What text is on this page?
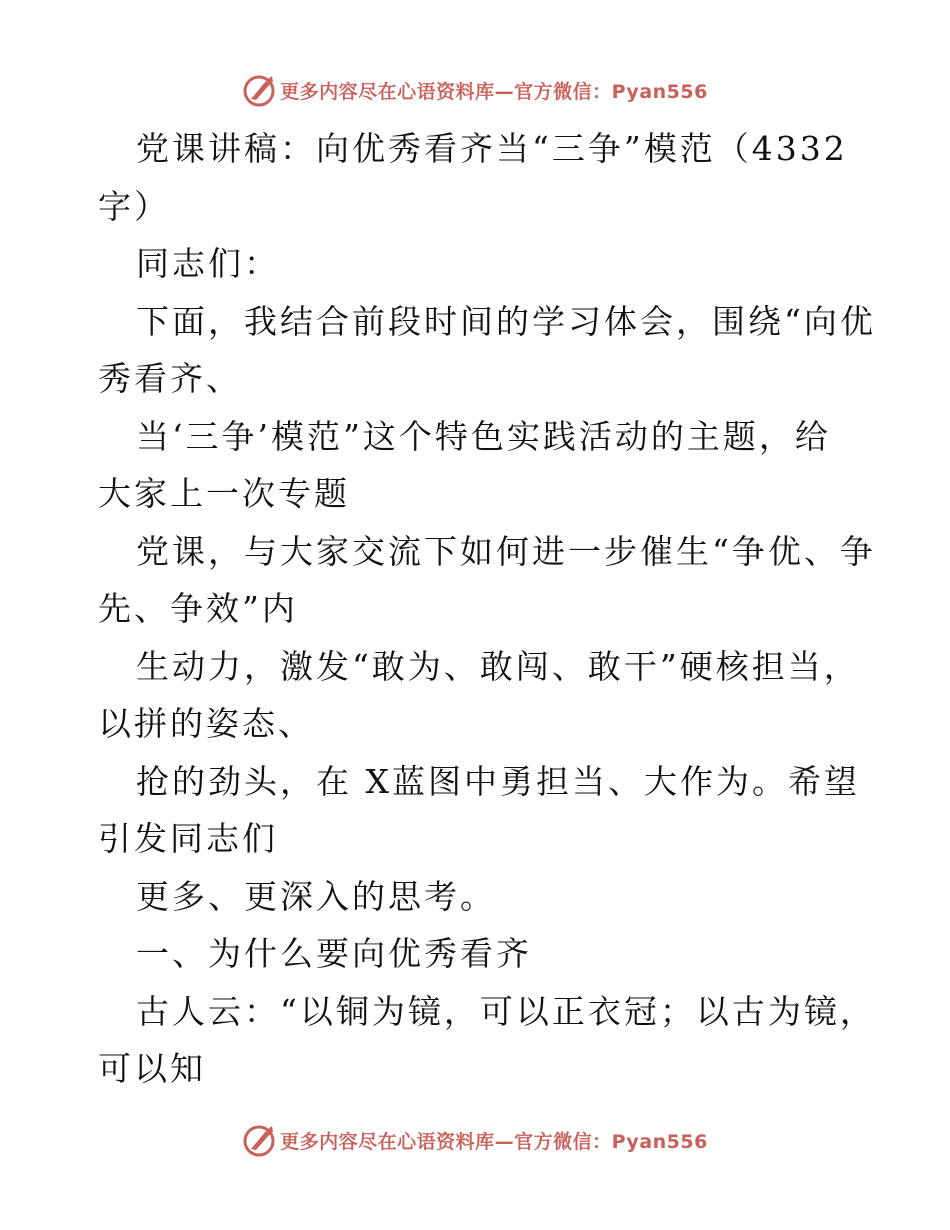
更多内容尽在心语资料库—官方微信：Pyan556
党课讲稿：向优秀看齐当“三争”模范（4332
字）
同志们：
下面，我结合前段时间的学习体会，围绕“向优
秀看齐、
当‘三争’模范”这个特色实践活动的主题，给
大家上一次专题
党课，与大家交流下如何进一步催生“争优、争
先、争效”内
生动力，激发“敢为、敢闯、敢干”硬核担当，
以拼的姿态、
抢的劲头，在 X蓝图中勇担当、大作为。希望
引发同志们
更多、更深入的思考。
一、为什么要向优秀看齐
古人云：“以铜为镜，可以正衣冠；以古为镜，
可以知
更多内容尽在心语资料库—官方微信：Pyan556
